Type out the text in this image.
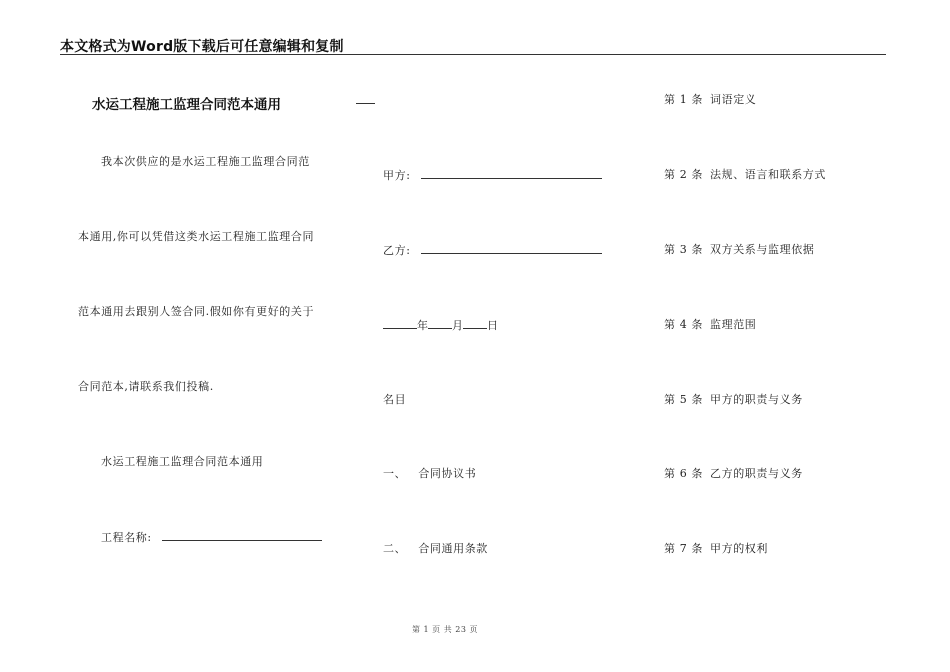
本文格式为Word版下载后可任意编辑和复制
水运工程施工监理合同范本通用
我本次供应的是水运工程施工监理合同范
本通用,你可以凭借这类水运工程施工监理合同
范本通用去跟别人签合同.假如你有更好的关于
合同范本,请联系我们投稿.
水运工程施工监理合同范本通用
工程名称:
甲方:
乙方:
年 月 日
名目
一、 合同协议书
二、 合同通用条款
第 1 条 词语定义
第 2 条 法规、语言和联系方式
第 3 条 双方关系与监理依据
第 4 条 监理范围
第 5 条 甲方的职责与义务
第 6 条 乙方的职责与义务
第 7 条 甲方的权利
第 1 页 共 23 页
